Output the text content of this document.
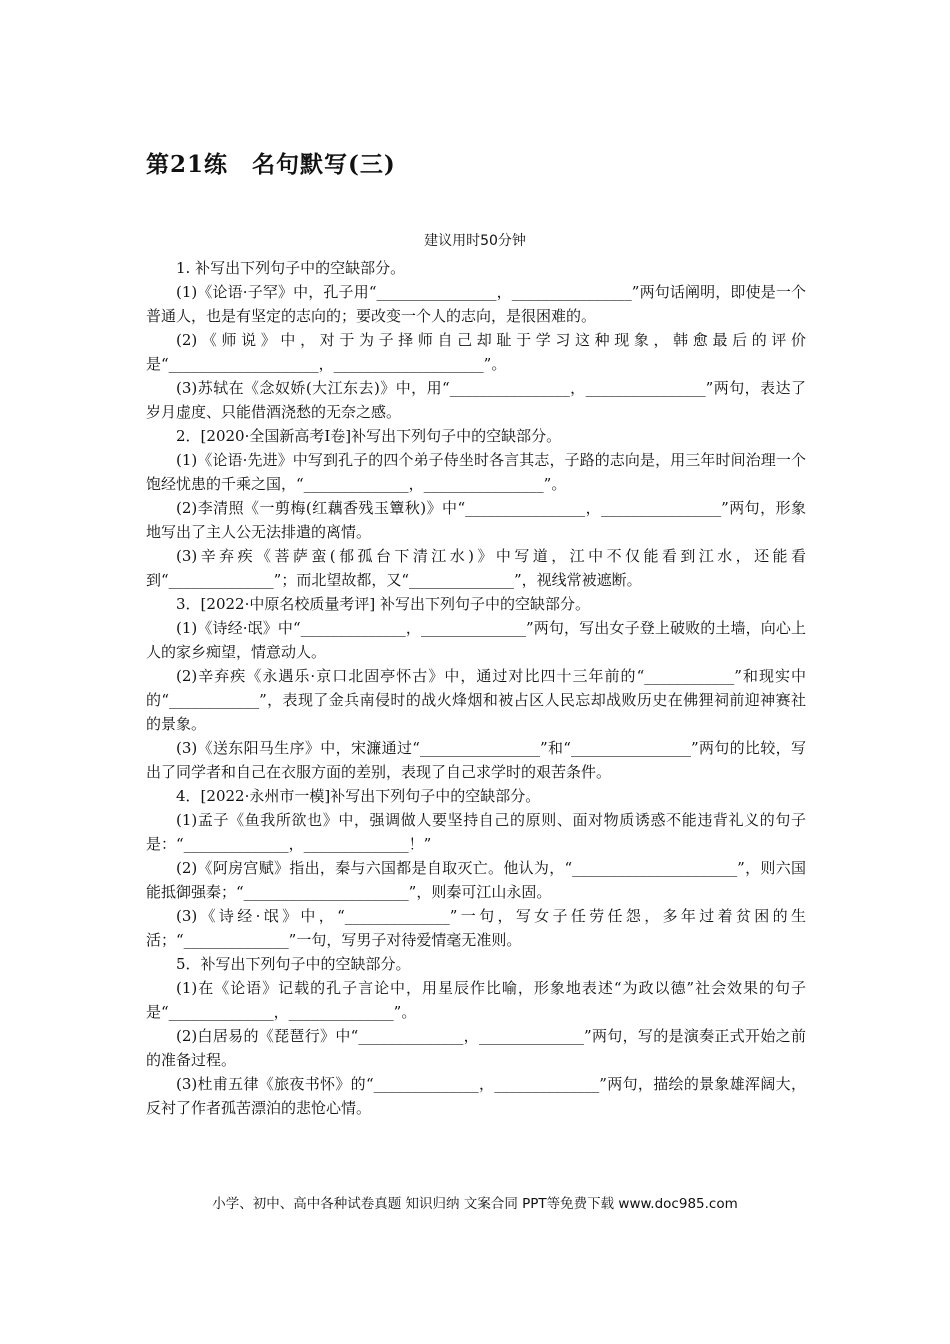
第21练　名句默写(三)
建议用时50分钟

1. 补写出下列句子中的空缺部分。

(1)《论语·子罕》中，孔子用“________________，________________”两句话阐明，即使是一个普通人，也是有坚定的志向的；要改变一个人的志向，是很困难的。

(2)《师说》中，对于为子择师自己却耻于学习这种现象，韩愈最后的评价是“____________________，____________________”。

(3)苏轼在《念奴娇(大江东去)》中，用“________________，________________”两句，表达了岁月虚度、只能借酒浇愁的无奈之感。

2．[2020·全国新高考Ⅰ卷]补写出下列句子中的空缺部分。

(1)《论语·先进》中写到孔子的四个弟子侍坐时各言其志，子路的志向是，用三年时间治理一个饱经忧患的千乘之国，“______________，________________”。

(2)李清照《一剪梅(红藕香残玉簟秋)》中“________________，________________”两句，形象地写出了主人公无法排遣的离情。

(3)辛弃疾《菩萨蛮(郁孤台下清江水)》中写道，江中不仅能看到江水，还能看到“______________”；而北望故都，又“______________”，视线常被遮断。

3．[2022·中原名校质量考评] 补写出下列句子中的空缺部分。

(1)《诗经·氓》中“______________，______________”两句，写出女子登上破败的土墙，向心上人的家乡痴望，情意动人。

(2)辛弃疾《永遇乐·京口北固亭怀古》中，通过对比四十三年前的“____________”和现实中的“____________”，表现了金兵南侵时的战火烽烟和被占区人民忘却战败历史在佛狸祠前迎神赛社的景象。

(3)《送东阳马生序》中，宋濂通过“________________”和“________________”两句的比较，写出了同学者和自己在衣服方面的差别，表现了自己求学时的艰苦条件。

4．[2022·永州市一模]补写出下列句子中的空缺部分。

(1)孟子《鱼我所欲也》中，强调做人要坚持自己的原则、面对物质诱惑不能违背礼义的句子是：“______________，______________！”

(2)《阿房宫赋》指出，秦与六国都是自取灭亡。他认为，“______________________”，则六国能抵御强秦；“______________________”，则秦可江山永固。

(3)《诗经·氓》中，“______________”一句，写女子任劳任怨，多年过着贫困的生活；“______________”一句，写男子对待爱情毫无准则。

5．补写出下列句子中的空缺部分。

(1)在《论语》记载的孔子言论中，用星辰作比喻，形象地表述“为政以德”社会效果的句子是“______________，______________”。

(2)白居易的《琵琶行》中“______________，______________”两句，写的是演奏正式开始之前的准备过程。

(3)杜甫五律《旅夜书怀》的“______________，______________”两句，描绘的景象雄浑阔大，反衬了作者孤苦漂泊的悲怆心情。

小学、初中、高中各种试卷真题 知识归纳 文案合同 PPT等免费下载 www.doc985.com
